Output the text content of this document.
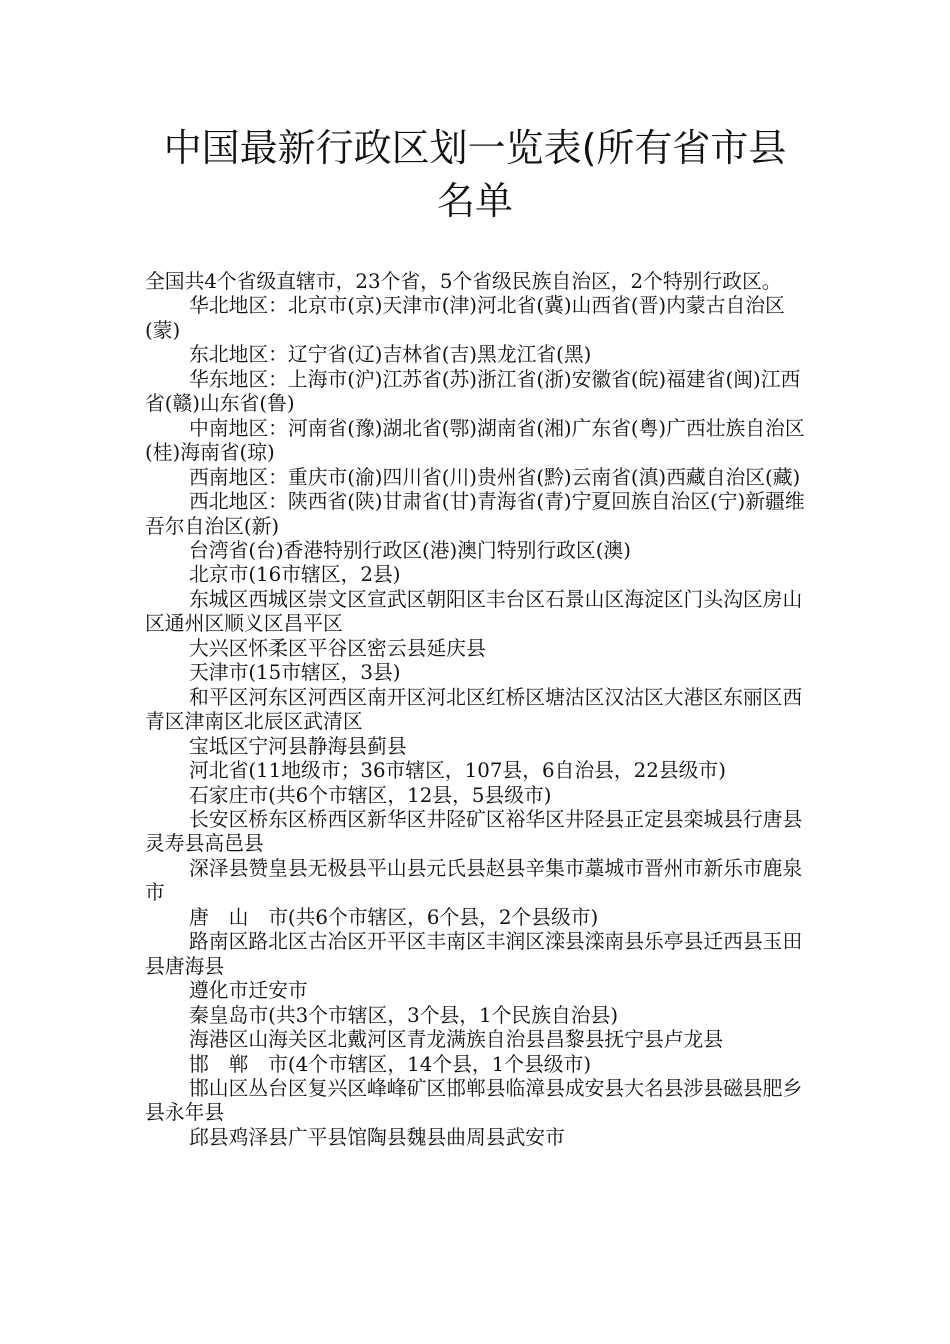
中国最新行政区划一览表(所有省市县
名单

全国共4个省级直辖市，23个省，5个省级民族自治区，2个特别行政区。

华北地区：北京市(京)天津市(津)河北省(冀)山西省(晋)内蒙古自治区(蒙)

东北地区：辽宁省(辽)吉林省(吉)黑龙江省(黑)

华东地区：上海市(沪)江苏省(苏)浙江省(浙)安徽省(皖)福建省(闽)江西省(赣)山东省(鲁)

中南地区：河南省(豫)湖北省(鄂)湖南省(湘)广东省(粤)广西壮族自治区(桂)海南省(琼)

西南地区：重庆市(渝)四川省(川)贵州省(黔)云南省(滇)西藏自治区(藏)

西北地区：陕西省(陕)甘肃省(甘)青海省(青)宁夏回族自治区(宁)新疆维吾尔自治区(新)

台湾省(台)香港特别行政区(港)澳门特别行政区(澳)

北京市(16市辖区，2县)

东城区西城区崇文区宣武区朝阳区丰台区石景山区海淀区门头沟区房山区通州区顺义区昌平区

大兴区怀柔区平谷区密云县延庆县

天津市(15市辖区，3县)

和平区河东区河西区南开区河北区红桥区塘沽区汉沽区大港区东丽区西青区津南区北辰区武清区

宝坻区宁河县静海县蓟县

河北省(11地级市；36市辖区，107县，6自治县，22县级市)

石家庄市(共6个市辖区，12县，5县级市)

长安区桥东区桥西区新华区井陉矿区裕华区井陉县正定县栾城县行唐县灵寿县高邑县

深泽县赞皇县无极县平山县元氏县赵县辛集市藁城市晋州市新乐市鹿泉市

唐　山　市(共6个市辖区，6个县，2个县级市)

路南区路北区古冶区开平区丰南区丰润区滦县滦南县乐亭县迁西县玉田县唐海县

遵化市迁安市

秦皇岛市(共3个市辖区，3个县，1个民族自治县)

海港区山海关区北戴河区青龙满族自治县昌黎县抚宁县卢龙县

邯　郸　市(4个市辖区，14个县，1个县级市)

邯山区丛台区复兴区峰峰矿区邯郸县临漳县成安县大名县涉县磁县肥乡县永年县

邱县鸡泽县广平县馆陶县魏县曲周县武安市
